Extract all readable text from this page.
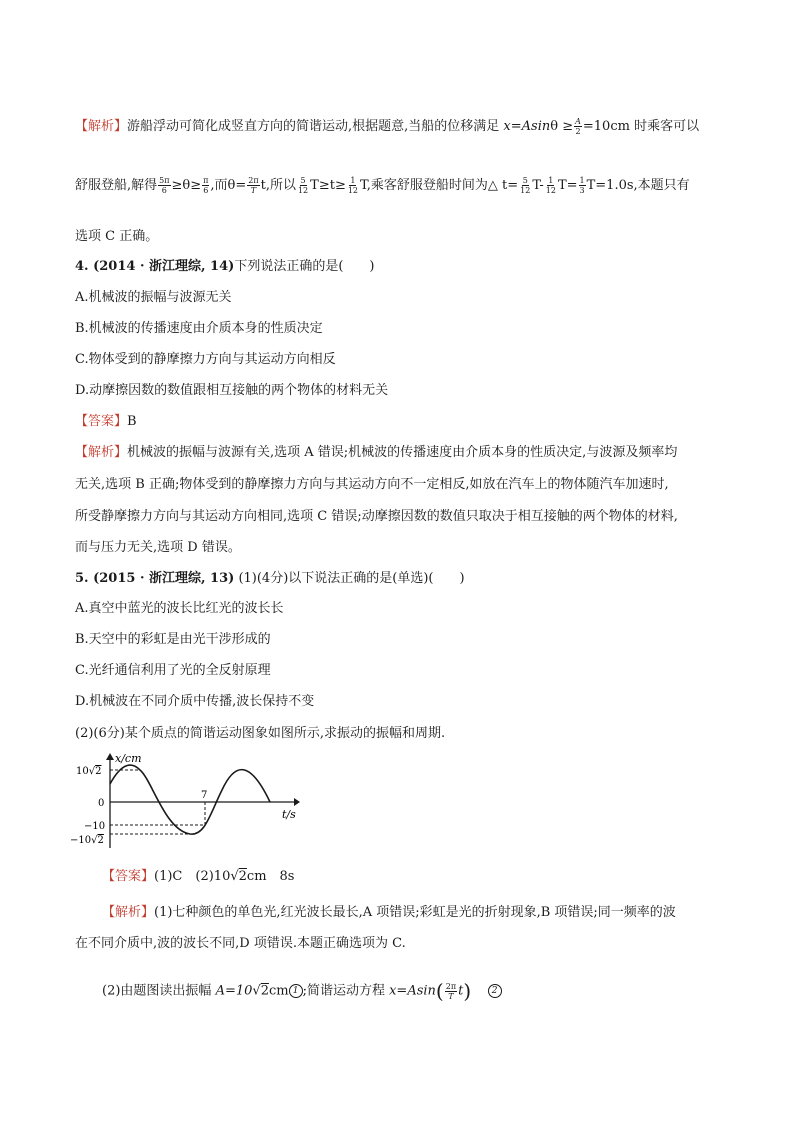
【解析】游船浮动可简化成竖直方向的简谐运动,根据题意,当船的位移满足 $x=Asin\theta \ge \frac{A}{2} =10cm$ 时乘客可以
舒服登船,解得 $\frac{5\pi}{6} \ge\theta\ge \frac{\pi}{6}$ ,而$\theta= \frac{2\pi}{T} t$,所以 $\frac{5}{12} T\ge t\ge \frac{1}{12} T$,乘客舒服登船时间为△ $t= \frac{5}{12} T- \frac{1}{12} T= \frac{1}{3} T=1.0s$,本题只有
选项 C 正确。
4. (2014 · 浙江理综, 14)下列说法正确的是(　　)
A.机械波的振幅与波源无关
B.机械波的传播速度由介质本身的性质决定
C.物体受到的静摩擦力方向与其运动方向相反
D.动摩擦因数的数值跟相互接触的两个物体的材料无关
【答案】B
【解析】机械波的振幅与波源有关,选项 A 错误;机械波的传播速度由介质本身的性质决定,与波源及频率均
无关,选项 B 正确;物体受到的静摩擦力方向与其运动方向不一定相反,如放在汽车上的物体随汽车加速时,
所受静摩擦力方向与其运动方向相同,选项 C 错误;动摩擦因数的数值只取决于相互接触的两个物体的材料,
而与压力无关,选项 D 错误。
5. (2015 · 浙江理综, 13) (1)(4分)以下说法正确的是(单选)(　　)
A.真空中蓝光的波长比红光的波长长
B.天空中的彩虹是由光干涉形成的
C.光纤通信利用了光的全反射原理
D.机械波在不同介质中传播,波长保持不变
(2)(6分)某个质点的简谐运动图象如图所示,求振动的振幅和周期.
x/cm
t/s
10√2
0
−10
−10√2
7
【答案】(1)C　(2)10√2cm　8s
【解析】(1)七种颜色的单色光,红光波长最长,A 项错误;彩虹是光的折射现象,B 项错误;同一频率的波
在不同介质中,波的波长不同,D 项错误.本题正确选项为 C.
(2)由题图读出振幅 A=10√2cm 1 ;简谐运动方程 $x=Asin( \frac{2\pi}{T} t)$ 2
